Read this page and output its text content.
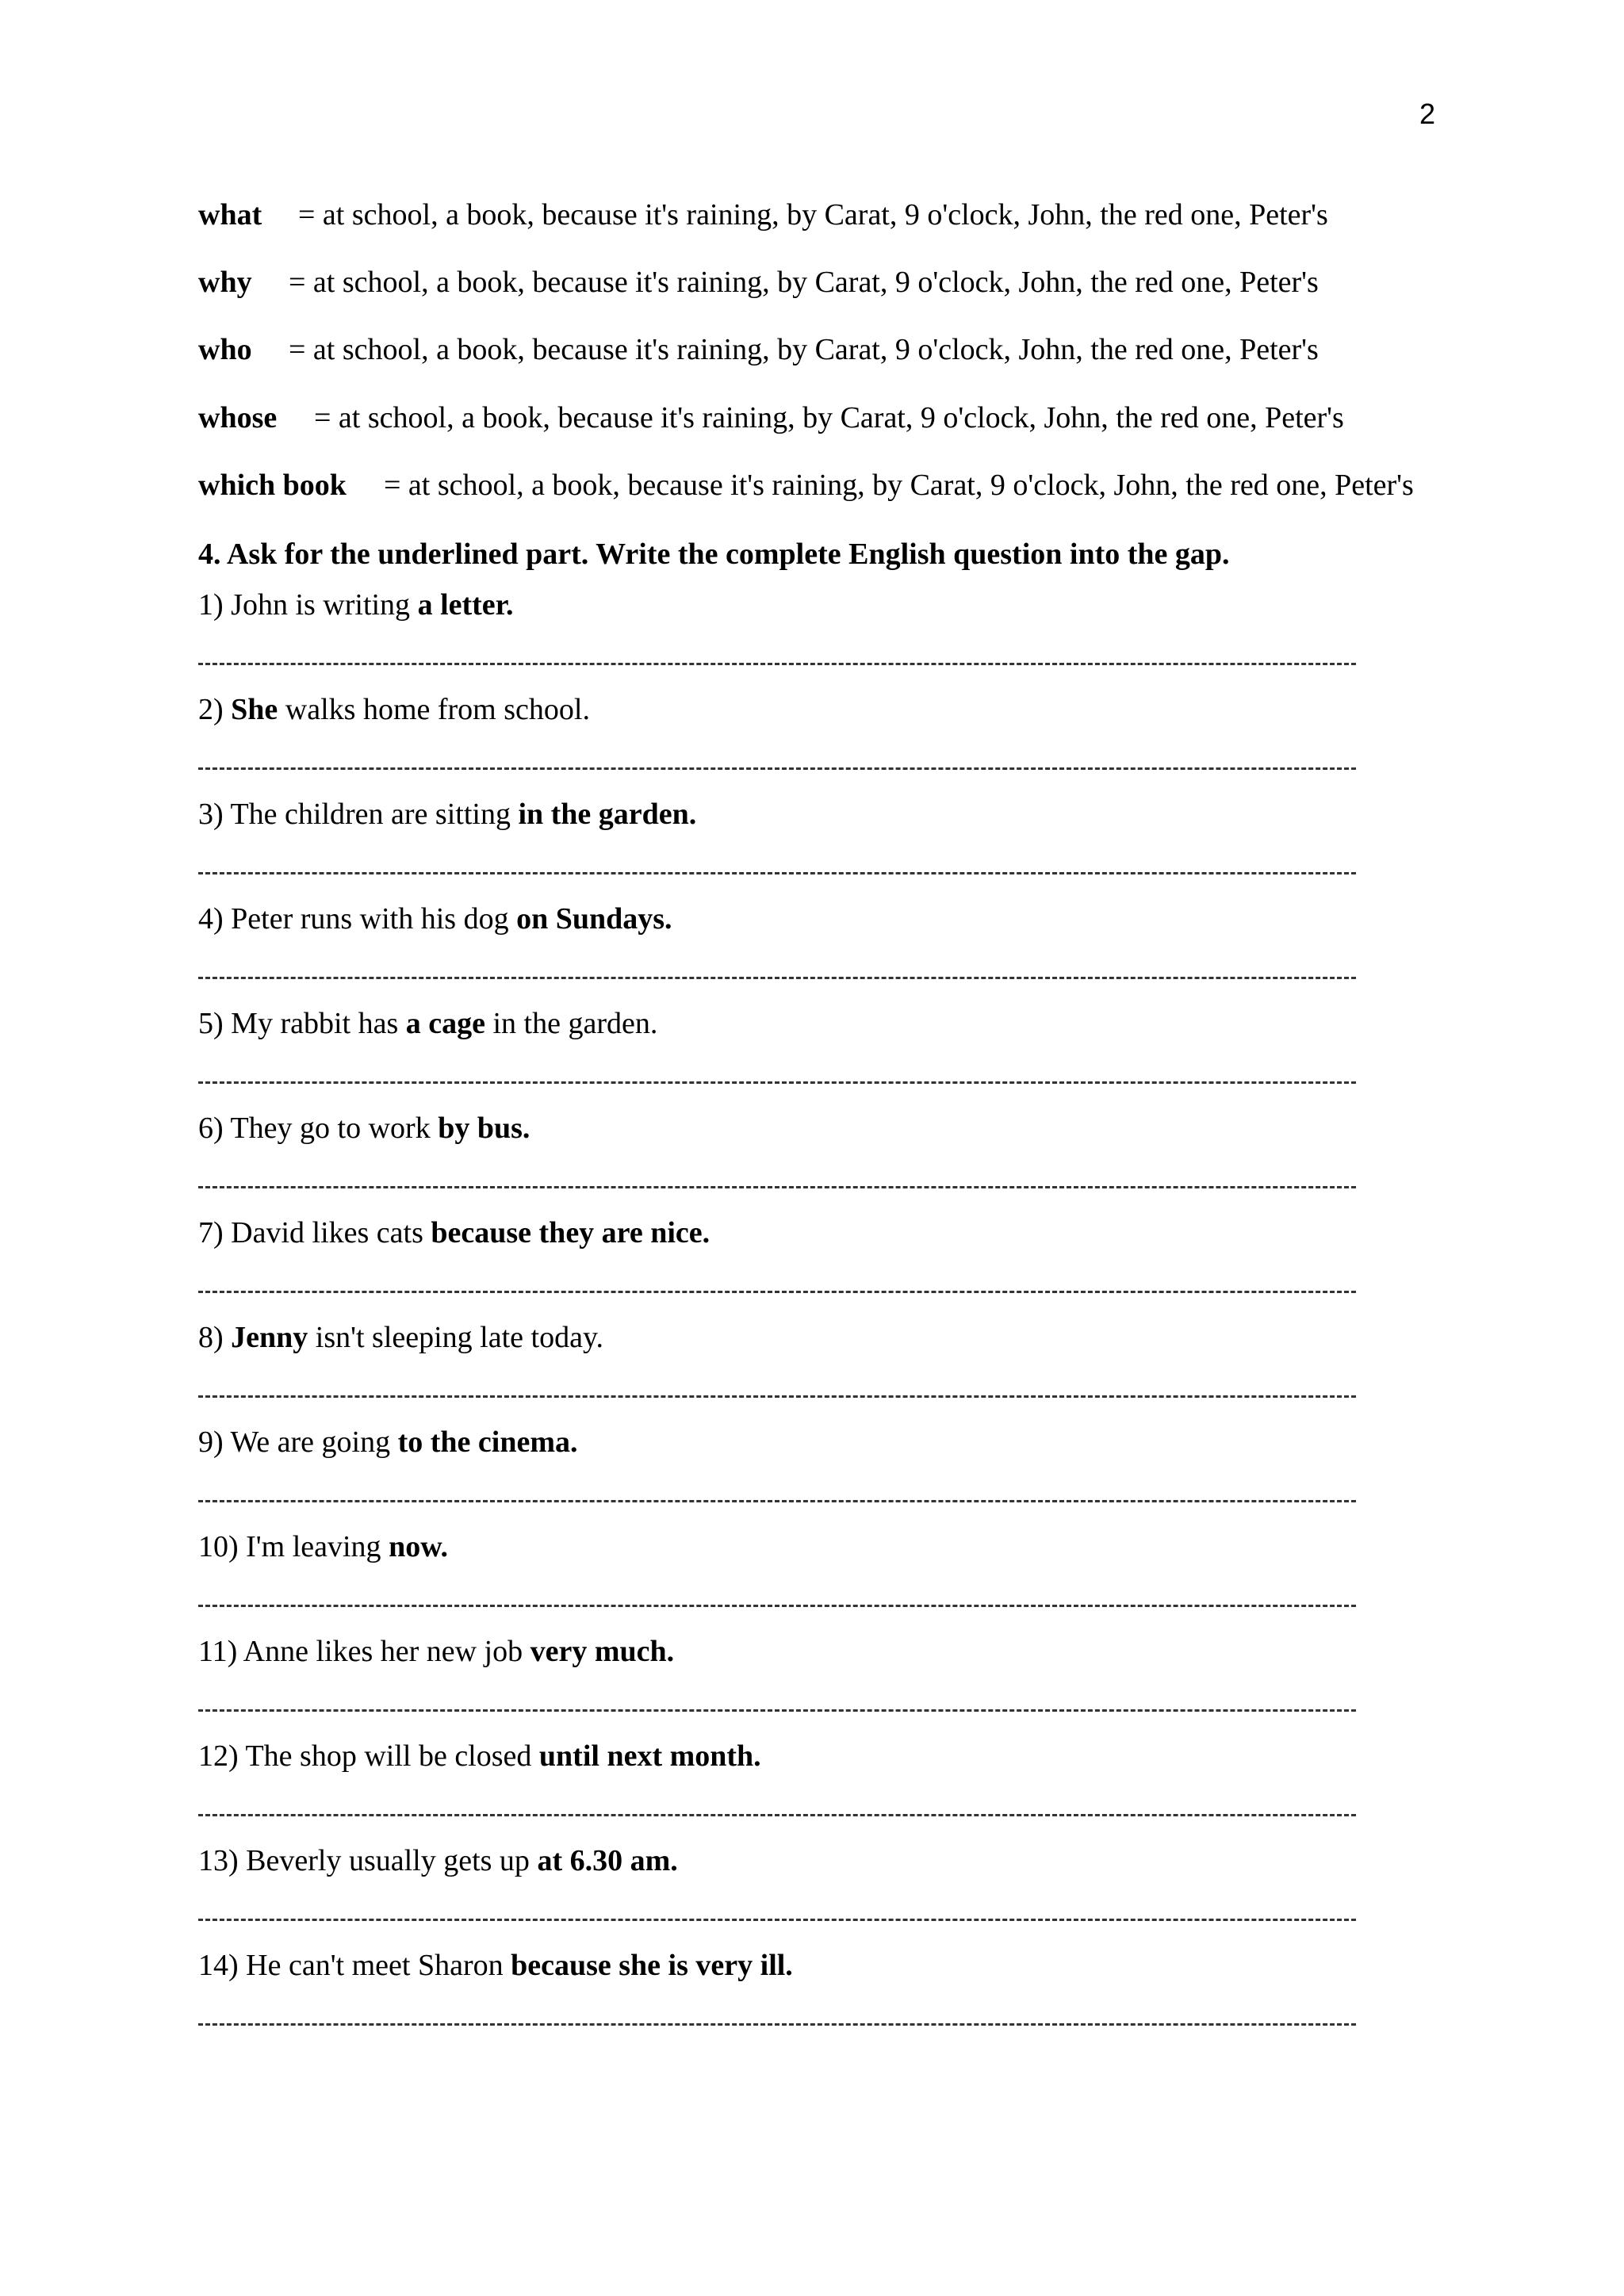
2
what = at school, a book, because it's raining, by Carat, 9 o'clock, John, the red one, Peter's
why = at school, a book, because it's raining, by Carat, 9 o'clock, John, the red one, Peter's
who = at school, a book, because it's raining, by Carat, 9 o'clock, John, the red one, Peter's
whose = at school, a book, because it's raining, by Carat, 9 o'clock, John, the red one, Peter's
which book = at school, a book, because it's raining, by Carat, 9 o'clock, John, the red one, Peter's
4. Ask for the underlined part. Write the complete English question into the gap.
1) John is writing a letter.
2) She walks home from school.
3) The children are sitting in the garden.
4) Peter runs with his dog on Sundays.
5) My rabbit has a cage in the garden.
6) They go to work by bus.
7) David likes cats because they are nice.
8) Jenny isn't sleeping late today.
9) We are going to the cinema.
10) I'm leaving now.
11) Anne likes her new job very much.
12) The shop will be closed until next month.
13) Beverly usually gets up at 6.30 am.
14) He can't meet Sharon because she is very ill.
